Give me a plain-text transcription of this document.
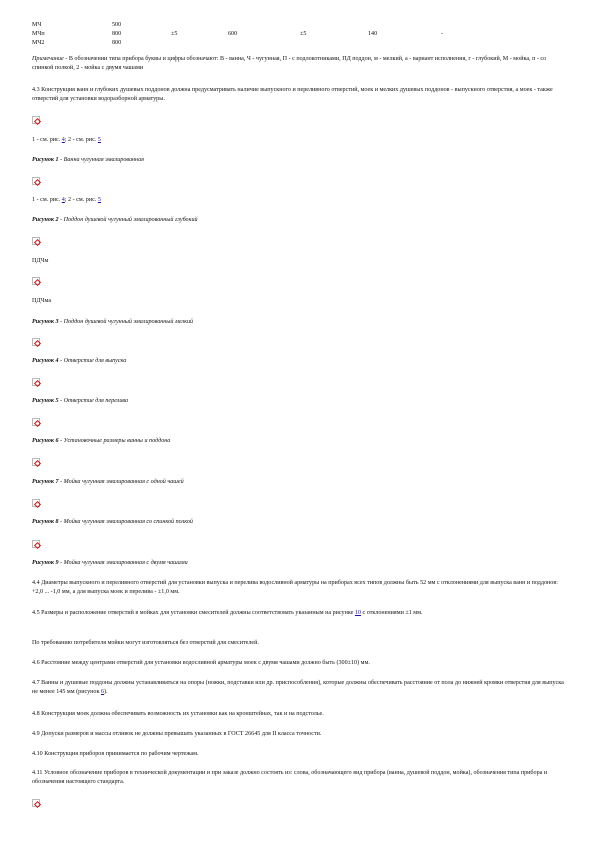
МЧ	500
МЧп	800	±5	600	±5	140	-
МЧ2	800
Примечание - В обозначении типа прибора буквы и цифры обозначают: В - ванна, Ч - чугунная, П - с подлокотниками, ПД поддон, м - мелкий, а - вариант исполнения, г - глубокий, М - мойка, п - со спинкой полкой, 2 - мойка с двумя чашами
4.3 Конструкция ванн и глубоких душевых поддонов должна предусматривать наличие выпускного и переливного отверстий, моек и мелких душевых поддонов - выпускного отверстия, а моек - также отверстий для установки водоразборной арматуры.
1 - см. рис. 4; 2 - см. рис. 5
Рисунок 1 - Ванна чугунная эмалированная
1 - см. рис. 4; 2 - см. рис. 5
Рисунок 2 - Поддон душевой чугунный эмалированный глубокий
ПДЧм
ПДЧма
Рисунок 3 - Поддон душевой чугунный эмалированный мелкий
Рисунок 4 - Отверстие для выпуска
Рисунок 5 - Отверстие для перелива
Рисунок 6 - Установочные размеры ванны и поддона
Рисунок 7 - Мойка чугунная эмалированная с одной чашей
Рисунок 8 - Мойка чугунная эмалированная со спинкой полкой
Рисунок 9 - Мойка чугунная эмалированная с двумя чашами
4.4 Диаметры выпускного и переливного отверстий для установки выпуска и перелива водосливной арматуры на приборах всех типов должны быть 52 мм с отклонениями для выпуска ванн и поддонов: +2,0 ... -1,0 мм, а для выпуска моек и перелива - ±1,0 мм.
4.5 Размеры и расположение отверстий в мойках для установки смесителей должны соответствовать указанным на рисунке 10 с отклонениями ±1 мм.
По требованию потребителя мойки могут изготовляться без отверстий для смесителей.
4.6 Расстояние между центрами отверстий для установки водосливной арматуры моек с двумя чашами должно быть (300±10) мм.
4.7 Ванны и душевые поддоны должны устанавливаться на опоры (ножки, подставки или др. приспособления), которые должны обеспечивать расстояние от пола до нижней кромки отверстия для выпуска не менее 145 мм (рисунок 6).
4.8 Конструкция моек должна обеспечивать возможность их установки как на кронштейнах, так и на подстолье.
4.9 Допуски размеров и массы отливок не должны превышать указанных в ГОСТ 26645 для II класса точности.
4.10 Конструкция приборов принимается по рабочим чертежам.
4.11 Условное обозначение приборов в технической документации и при заказе должно состоять из: слова, обозначающего вид прибора (ванна, душевой поддон, мойка), обозначения типа прибора и обозначения настоящего стандарта.
